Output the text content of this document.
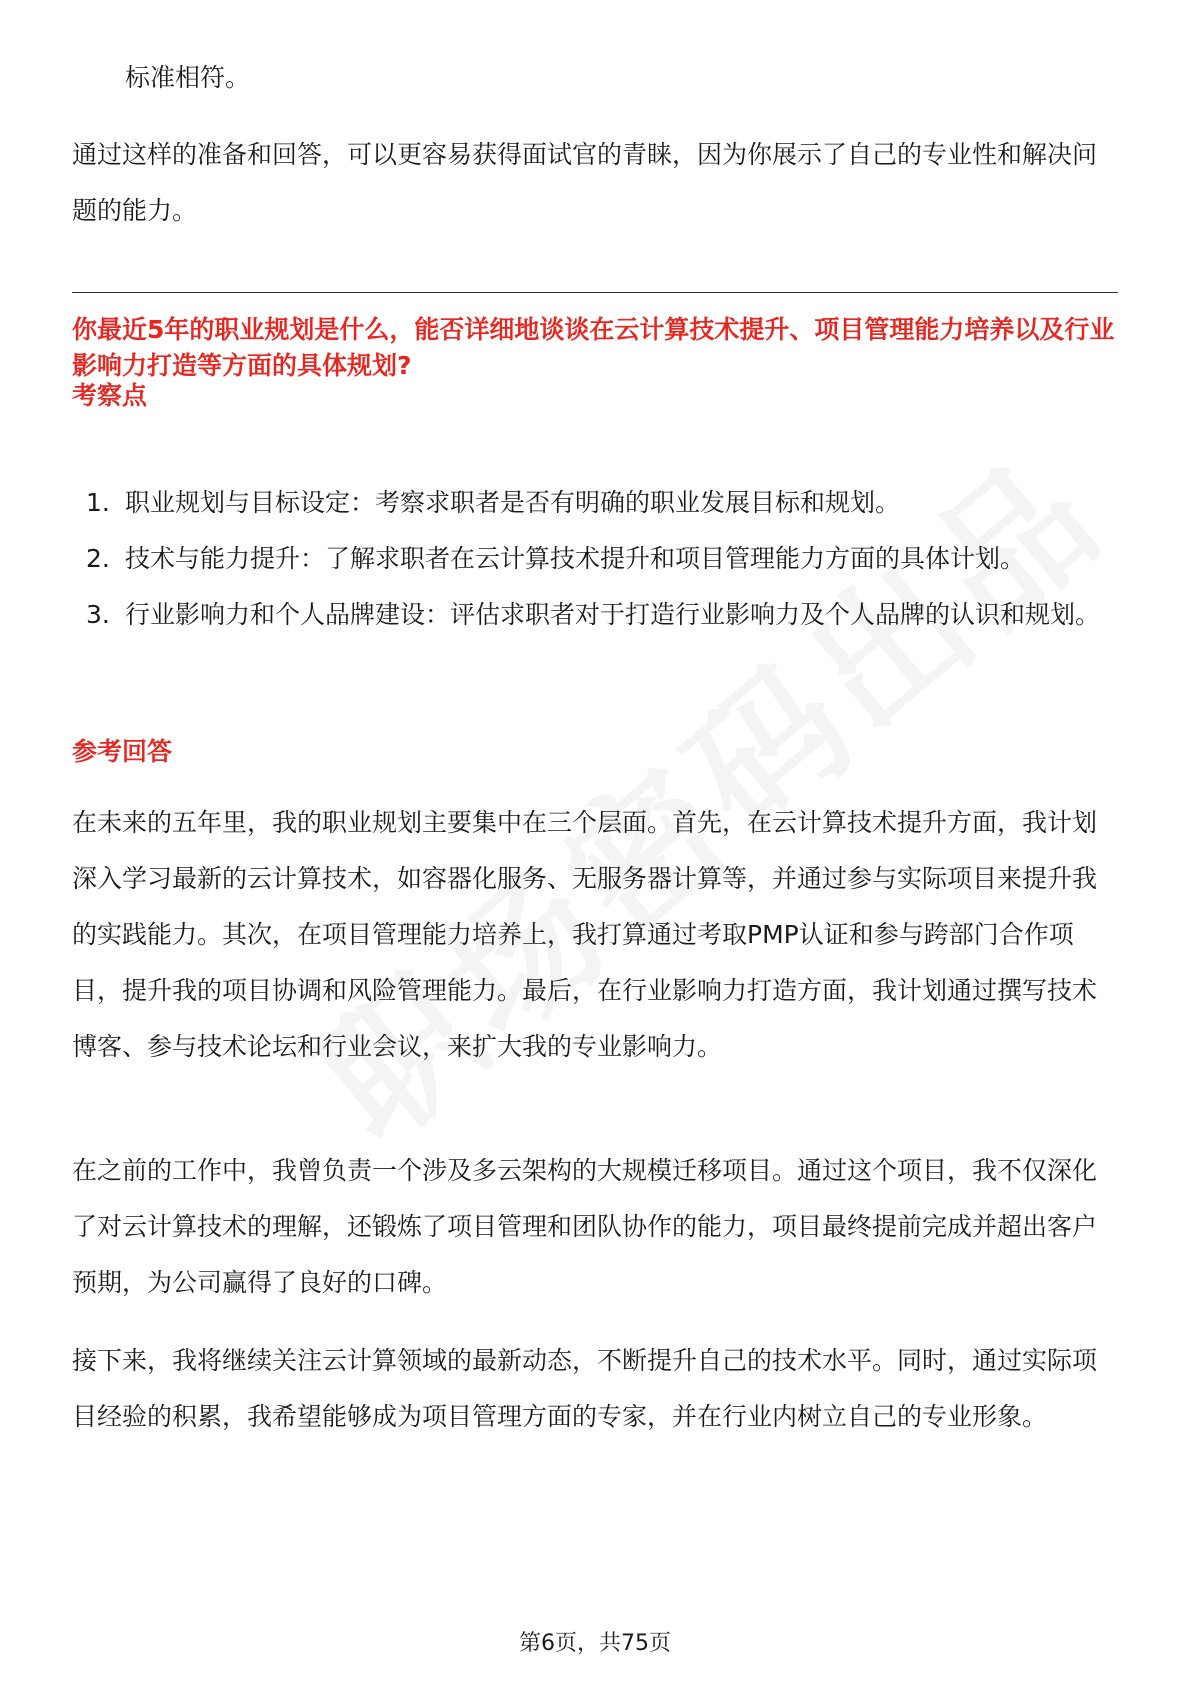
标准相符。

通过这样的准备和回答，可以更容易获得面试官的青睐，因为你展示了自己的专业性和解决问题的能力。

你最近5年的职业规划是什么，能否详细地谈谈在云计算技术提升、项目管理能力培养以及行业影响力打造等方面的具体规划?
考察点
1. 职业规划与目标设定：考察求职者是否有明确的职业发展目标和规划。
2. 技术与能力提升：了解求职者在云计算技术提升和项目管理能力方面的具体计划。
3. 行业影响力和个人品牌建设：评估求职者对于打造行业影响力及个人品牌的认识和规划。
参考回答

在未来的五年里，我的职业规划主要集中在三个层面。首先，在云计算技术提升方面，我计划深入学习最新的云计算技术，如容器化服务、无服务器计算等，并通过参与实际项目来提升我的实践能力。其次，在项目管理能力培养上，我打算通过考取PMP认证和参与跨部门合作项目，提升我的项目协调和风险管理能力。最后，在行业影响力打造方面，我计划通过撰写技术博客、参与技术论坛和行业会议，来扩大我的专业影响力。

在之前的工作中，我曾负责一个涉及多云架构的大规模迁移项目。通过这个项目，我不仅深化了对云计算技术的理解，还锻炼了项目管理和团队协作的能力，项目最终提前完成并超出客户预期，为公司赢得了良好的口碑。

接下来，我将继续关注云计算领域的最新动态，不断提升自己的技术水平。同时，通过实际项目经验的积累，我希望能够成为项目管理方面的专家，并在行业内树立自己的专业形象。

第6页，共75页
